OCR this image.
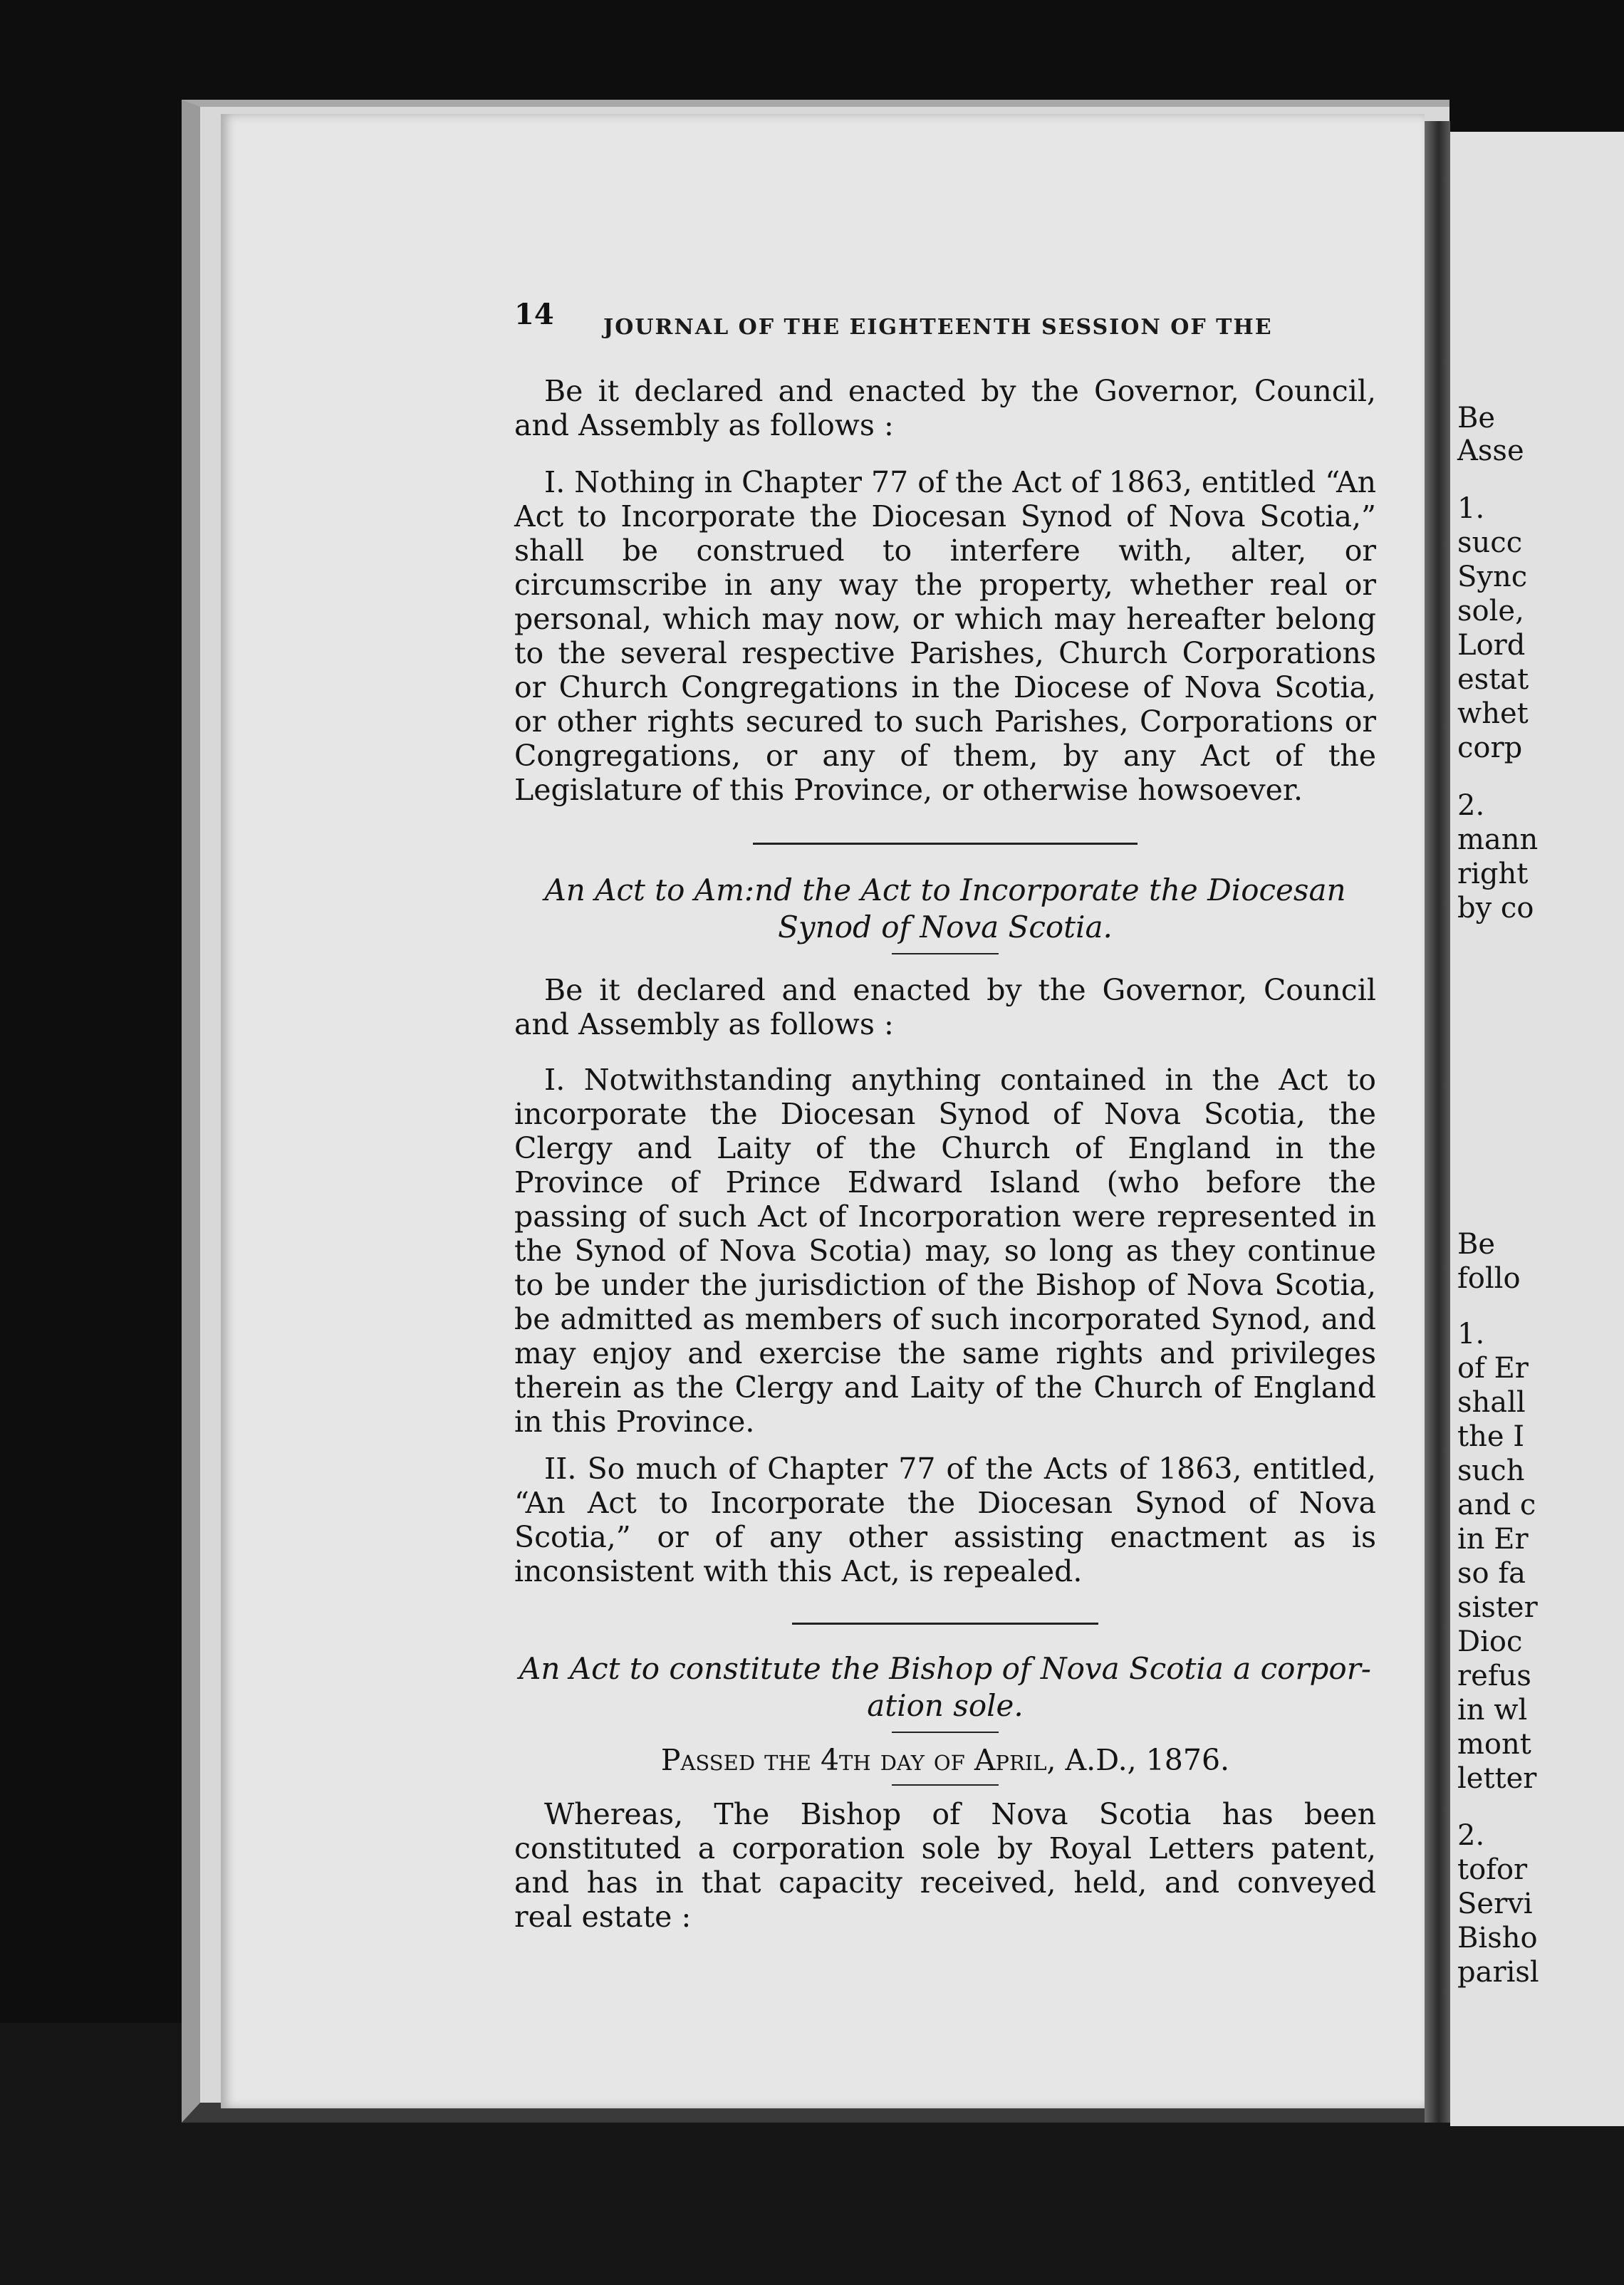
Be
Asse
1.
succ
Sync
sole,
Lord
estat
whet
corp
2.
mann
right
by co
Be
follo
1.
of Er
shall
the I
such
and c
in Er
so fa
sister
Dioc
refus
in wl
mont
letter
2.
tofor
Servi
Bisho
parisl
14 JOURNAL OF THE EIGHTEENTH SESSION OF THE

Be it declared and enacted by the Governor, Council, and Assembly as follows :

I. Nothing in Chapter 77 of the Act of 1863, entitled “An Act to Incorporate the Diocesan Synod of Nova Scotia,” shall be construed to interfere with, alter, or circumscribe in any way the property, whether real or personal, which may now, or which may hereafter belong to the several respective Parishes, Church Corporations or Church Congregations in the Diocese of Nova Scotia, or other rights secured to such Parishes, Corporations or Congregations, or any of them, by any Act of the Legislature of this Province, or otherwise howsoever.

An Act to Am:nd the Act to Incorporate the Diocesan
Synod of Nova Scotia.

Be it declared and enacted by the Governor, Council and Assembly as follows :

I. Notwithstanding anything contained in the Act to incorporate the Diocesan Synod of Nova Scotia, the Clergy and Laity of the Church of England in the Province of Prince Edward Island (who before the passing of such Act of Incorporation were represented in the Synod of Nova Scotia) may, so long as they continue to be under the jurisdiction of the Bishop of Nova Scotia, be admitted as members of such incorporated Synod, and may enjoy and exercise the same rights and privileges therein as the Clergy and Laity of the Church of England in this Province.

II. So much of Chapter 77 of the Acts of 1863, entitled, “An Act to Incorporate the Diocesan Synod of Nova Scotia,” or of any other assisting enactment as is inconsistent with this Act, is repealed.

An Act to constitute the Bishop of Nova Scotia a corpor-
ation sole.
Passed the 4th day of April, A.D., 1876.

Whereas, The Bishop of Nova Scotia has been constituted a corporation sole by Royal Letters patent, and has in that capacity received, held, and conveyed real estate :
